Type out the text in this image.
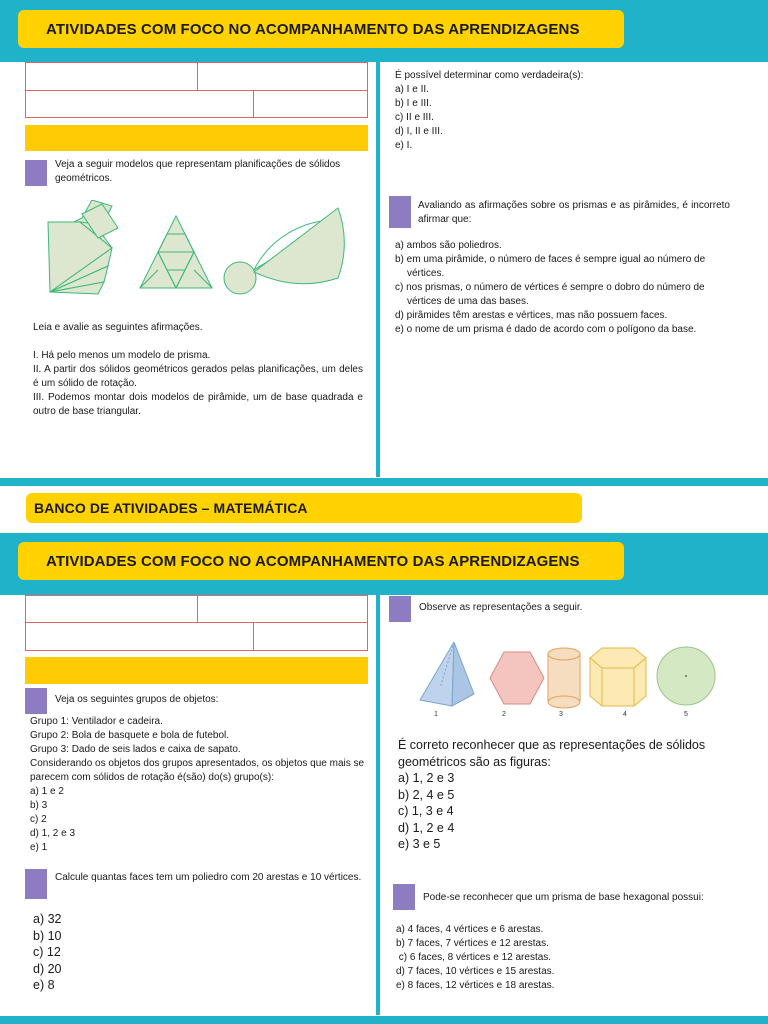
ATIVIDADES COM FOCO NO ACOMPANHAMENTO DAS APRENDIZAGENS
Veja a seguir modelos que representam planificações de sólidos geométricos.

Leia e avalie as seguintes afirmações.

I. Há pelo menos um modelo de prisma.

II. A partir dos sólidos geométricos gerados pelas planificações, um deles é um sólido de rotação.

III. Podemos montar dois modelos de pirâmide, um de base quadrada e outro de base triangular.

É possível determinar como verdadeira(s):

a) I e II.

b) I e III.

c) II e III.

d) I, II e III.

e) I.

Avaliando as afirmações sobre os prismas e as pirâmides, é incorreto afirmar que:

a) ambos são poliedros.

b) em uma pirâmide, o número de faces é sempre igual ao número de vértices.

c) nos prismas, o número de vértices é sempre o dobro do número de vértices de uma das bases.

d) pirâmides têm arestas e vértices, mas não possuem faces.

e) o nome de um prisma é dado de acordo com o polígono da base.

BANCO DE ATIVIDADES – MATEMÁTICA
ATIVIDADES COM FOCO NO ACOMPANHAMENTO DAS APRENDIZAGENS
Veja os seguintes grupos de objetos:

Grupo 1: Ventilador e cadeira.

Grupo 2: Bola de basquete e bola de futebol.

Grupo 3: Dado de seis lados e caixa de sapato.

Considerando os objetos dos grupos apresentados, os objetos que mais se parecem com sólidos de rotação é(são) do(s) grupo(s):

a) 1 e 2

b) 3

c) 2

d) 1, 2 e 3

e) 1

Calcule quantas faces tem um poliedro com 20 arestas e 10 vértices.

a) 32

b) 10

c) 12

d) 20

e) 8

Observe as representações a seguir.
1	2	3	4	5

É correto reconhecer que as representações de sólidos geométricos são as figuras:

a) 1, 2 e 3

b) 2, 4 e 5

c) 1, 3 e 4

d) 1, 2 e 4

e) 3 e 5

Pode-se reconhecer que um prisma de base hexagonal possui:

a) 4 faces, 4 vértices e 6 arestas.

b) 7 faces, 7 vértices e 12 arestas.

c) 6 faces, 8 vértices e 12 arestas.

d) 7 faces, 10 vértices e 15 arestas.

e) 8 faces, 12 vértices e 18 arestas.
